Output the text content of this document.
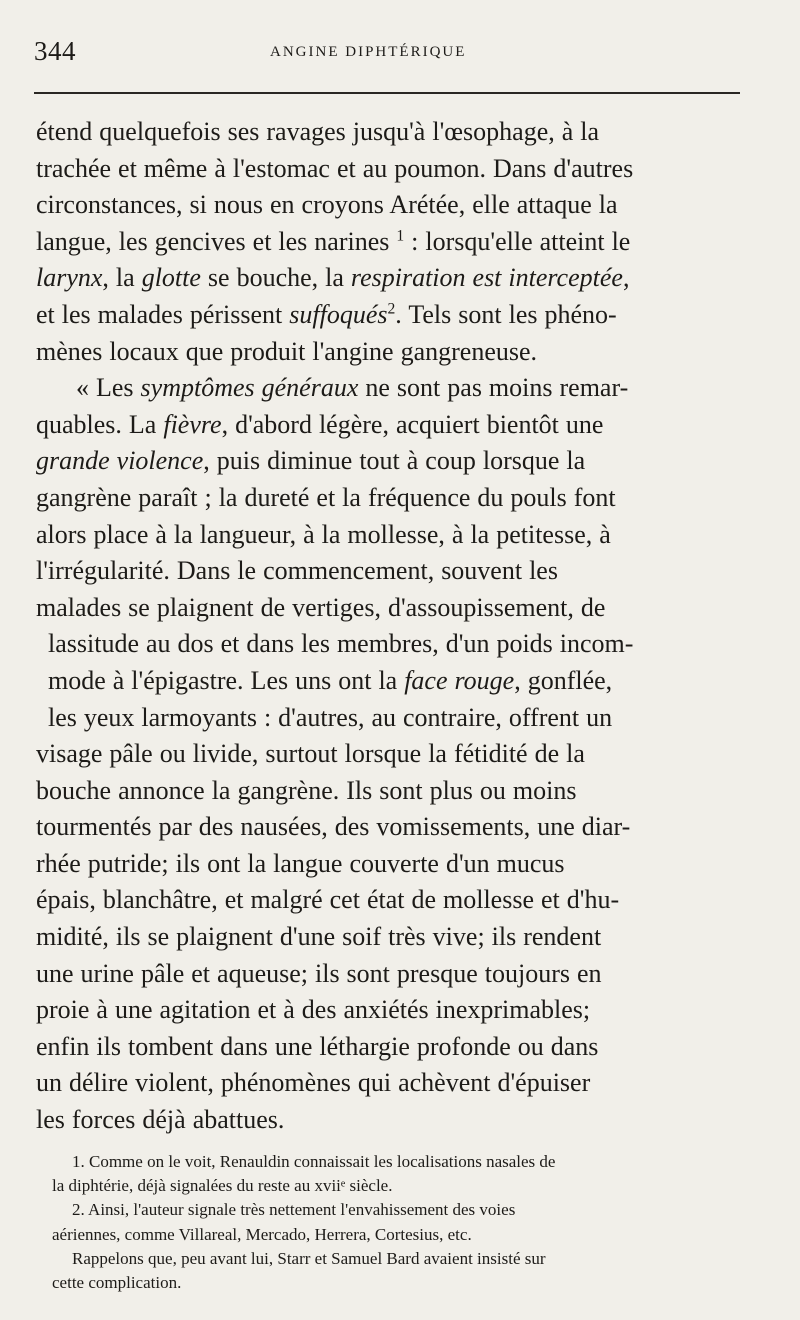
344	ANGINE DIPHTÉRIQUE
étend quelquefois ses ravages jusqu'à l'œsophage, à la
trachée et même à l'estomac et au poumon. Dans d'autres
circonstances, si nous en croyons Arétée, elle attaque la
langue, les gencives et les narines $^1$ : lorsqu'elle atteint le
larynx, la glotte se bouche, la respiration est interceptée,
et les malades périssent suffoqués$^2$. Tels sont les phéno-
mènes locaux que produit l'angine gangreneuse.
« Les symptômes généraux ne sont pas moins remar-
quables. La fièvre, d'abord légère, acquiert bientôt une
grande violence, puis diminue tout à coup lorsque la
gangrène paraît ; la dureté et la fréquence du pouls font
alors place à la langueur, à la mollesse, à la petitesse, à
l'irrégularité. Dans le commencement, souvent les
malades se plaignent de vertiges, d'assoupissement, de
lassitude au dos et dans les membres, d'un poids incom-
mode à l'épigastre. Les uns ont la face rouge, gonflée,
les yeux larmoyants : d'autres, au contraire, offrent un
visage pâle ou livide, surtout lorsque la fétidité de la
bouche annonce la gangrène. Ils sont plus ou moins
tourmentés par des nausées, des vomissements, une diar-
rhée putride; ils ont la langue couverte d'un mucus
épais, blanchâtre, et malgré cet état de mollesse et d'hu-
midité, ils se plaignent d'une soif très vive; ils rendent
une urine pâle et aqueuse; ils sont presque toujours en
proie à une agitation et à des anxiétés inexprimables;
enfin ils tombent dans une léthargie profonde ou dans
un délire violent, phénomènes qui achèvent d'épuiser
les forces déjà abattues.
1. Comme on le voit, Renauldin connaissait les localisations nasales de
la diphtérie, déjà signalées du reste au xviiᵉ siècle.
2. Ainsi, l'auteur signale très nettement l'envahissement des voies
aériennes, comme Villareal, Mercado, Herrera, Cortesius, etc.
Rappelons que, peu avant lui, Starr et Samuel Bard avaient insisté sur
cette complication.
